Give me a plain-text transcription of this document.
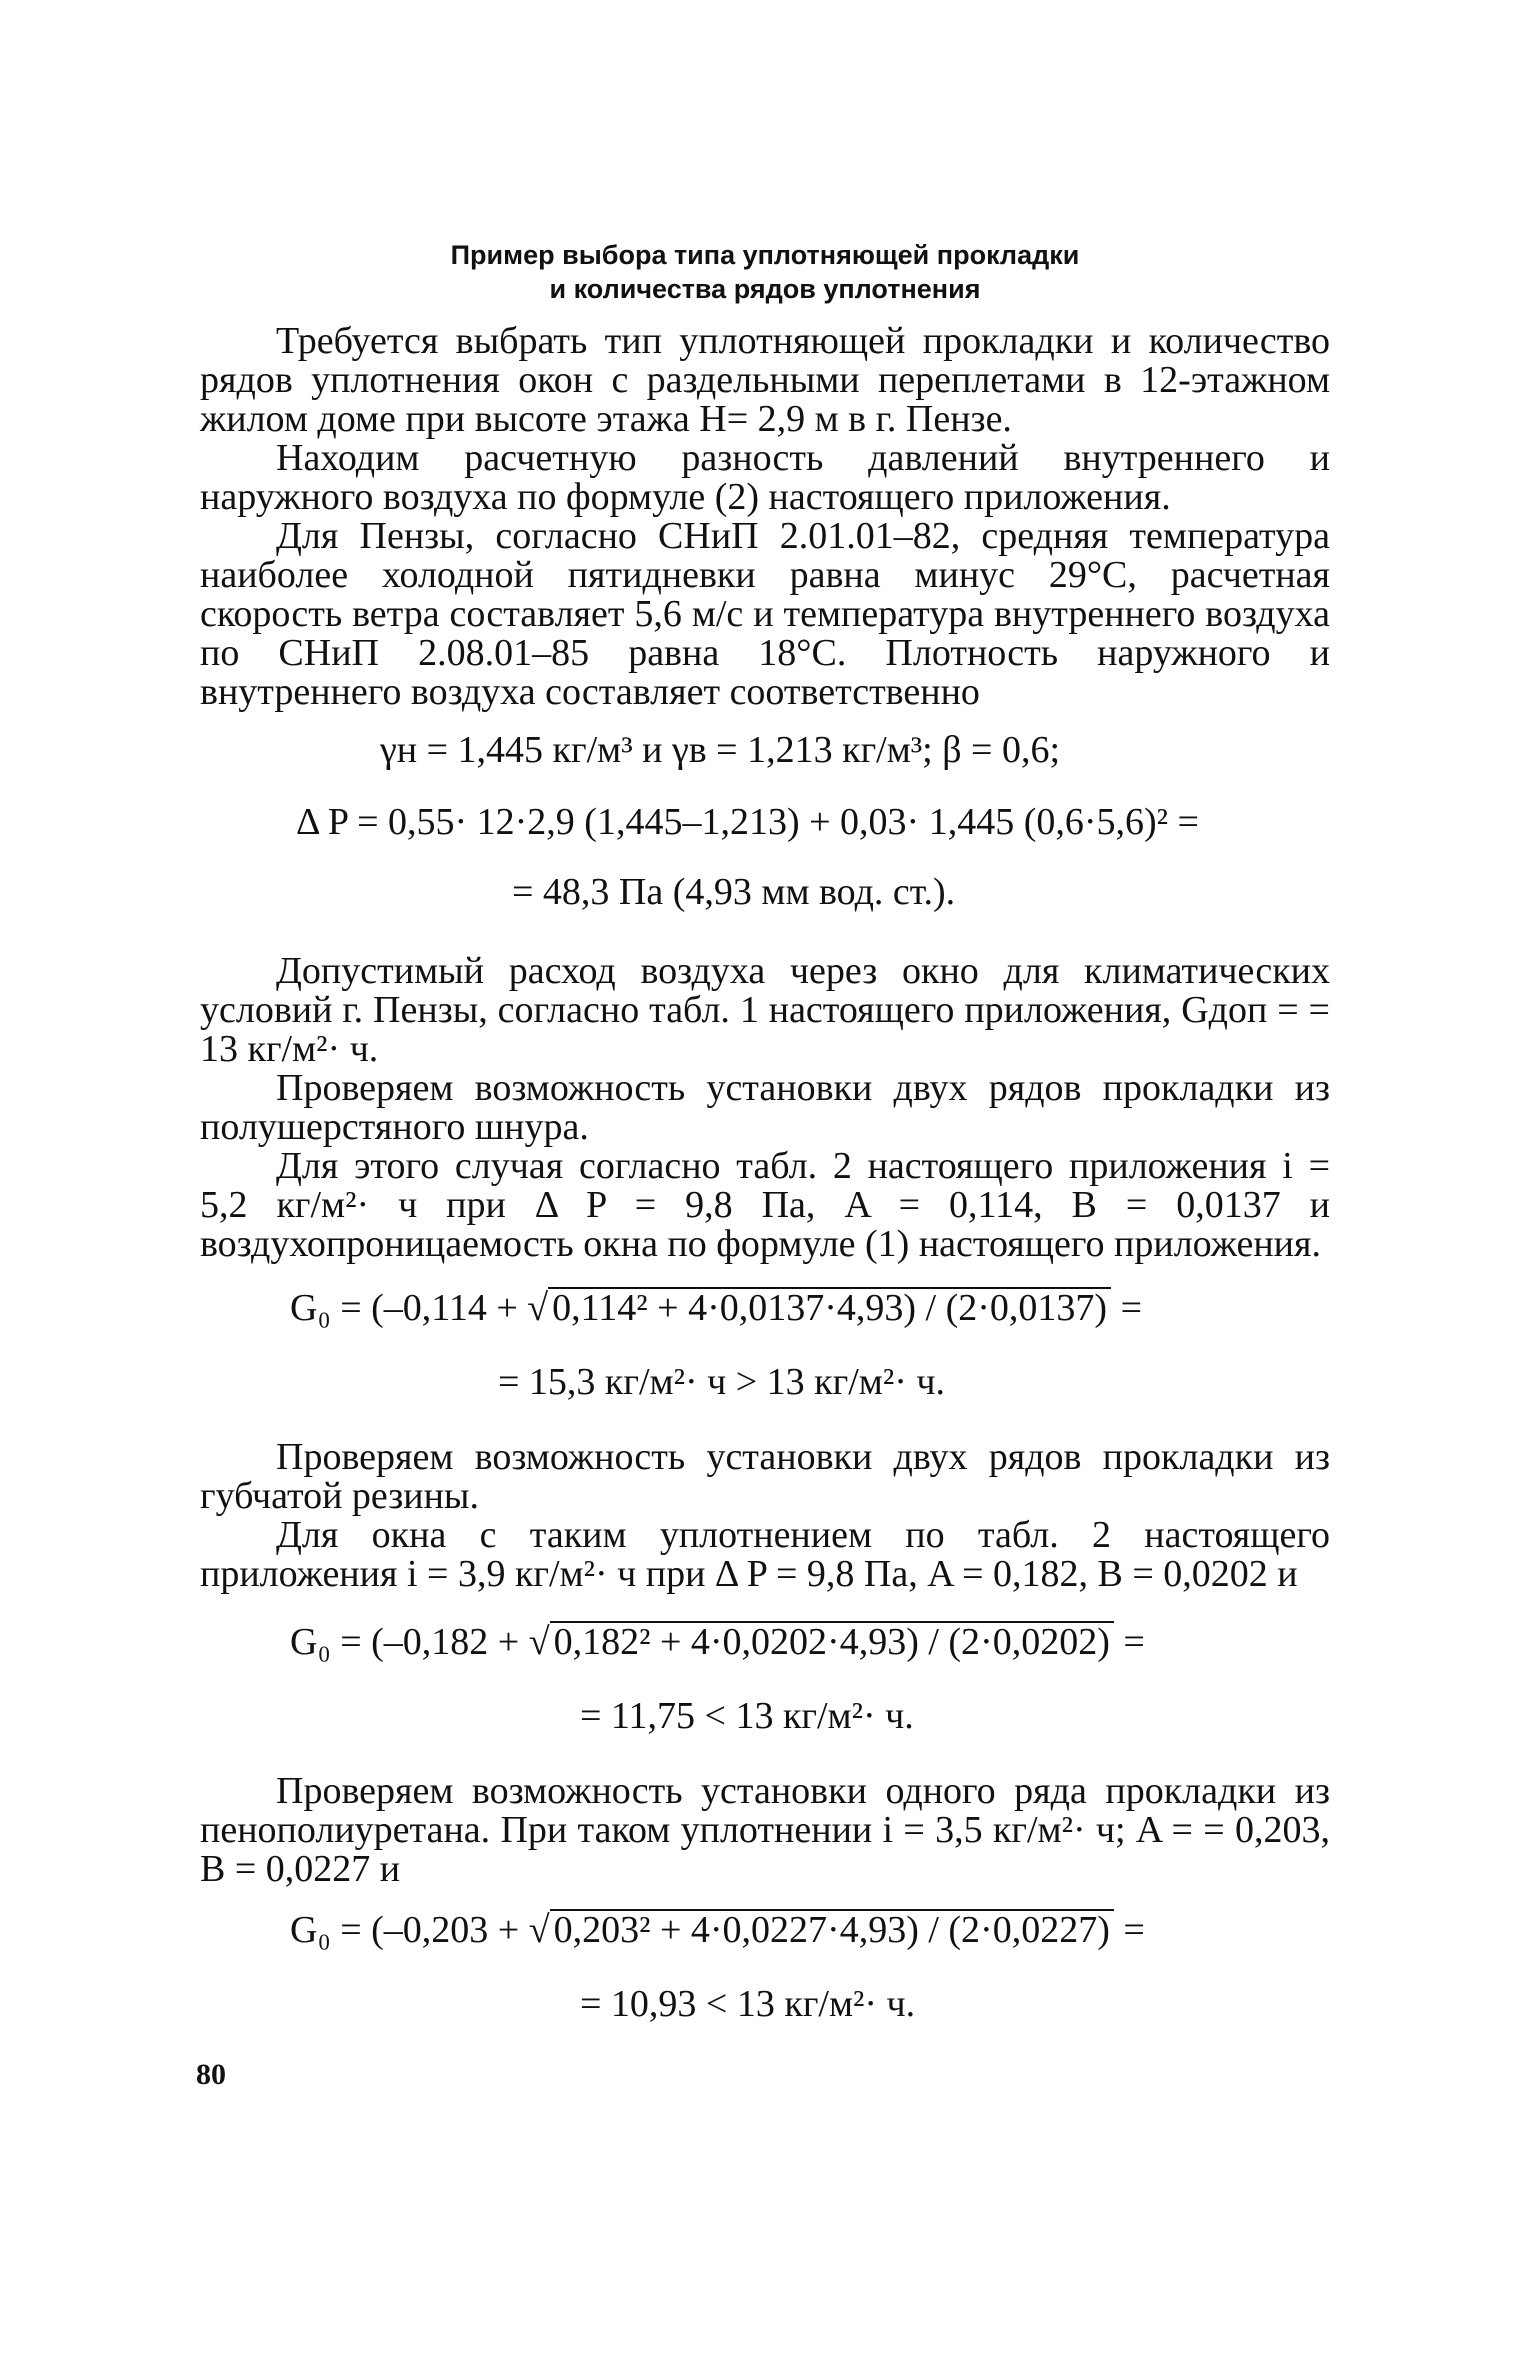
Пример выбора типа уплотняющей прокладки
и количества рядов уплотнения

Требуется выбрать тип уплотняющей прокладки и количество рядов уплотнения окон с раздельными переплетами в 12-этажном жилом доме при высоте этажа H= 2,9 м в г. Пензе.

Находим расчетную разность давлений внутреннего и наружного воздуха по формуле (2) настоящего приложения.

Для Пензы, согласно СНиП 2.01.01–82, средняя температура наиболее холодной пятидневки равна минус 29°С, расчетная скорость ветра составляет 5,6 м/с и температура внутреннего воздуха по СНиП 2.08.01–85 равна 18°С. Плотность наружного и внутреннего воздуха составляет соответственно

γн = 1,445 кг/м³ и γв = 1,213 кг/м³; β = 0,6;
Δ P = 0,55· 12·2,9 (1,445–1,213) + 0,03· 1,445 (0,6·5,6)² =
= 48,3 Па (4,93 мм вод. ст.).

Допустимый расход воздуха через окно для климатических условий г. Пензы, согласно табл. 1 настоящего приложения, Gдоп = = 13 кг/м²· ч.

Проверяем возможность установки двух рядов прокладки из полушерстяного шнура.

Для этого случая согласно табл. 2 настоящего приложения i = 5,2 кг/м²· ч при Δ P = 9,8 Па, A = 0,114, B = 0,0137 и воздухопроницаемость окна по формуле (1) настоящего приложения.

G₀ = (–0,114 + √ 0,114² + 4·0,0137·4,93) / (2·0,0137) =
= 15,3 кг/м²· ч > 13 кг/м²· ч.

Проверяем возможность установки двух рядов прокладки из губчатой резины.

Для окна с таким уплотнением по табл. 2 настоящего приложения i = 3,9 кг/м²· ч при Δ P = 9,8 Па, A = 0,182, B = 0,0202 и

G₀ = (–0,182 + √ 0,182² + 4·0,0202·4,93) / (2·0,0202) =
= 11,75 < 13 кг/м²· ч.

Проверяем возможность установки одного ряда прокладки из пенополиуретана. При таком уплотнении i = 3,5 кг/м²· ч; A = = 0,203, B = 0,0227 и

G₀ = (–0,203 + √ 0,203² + 4·0,0227·4,93) / (2·0,0227) =
= 10,93 < 13 кг/м²· ч.
80
